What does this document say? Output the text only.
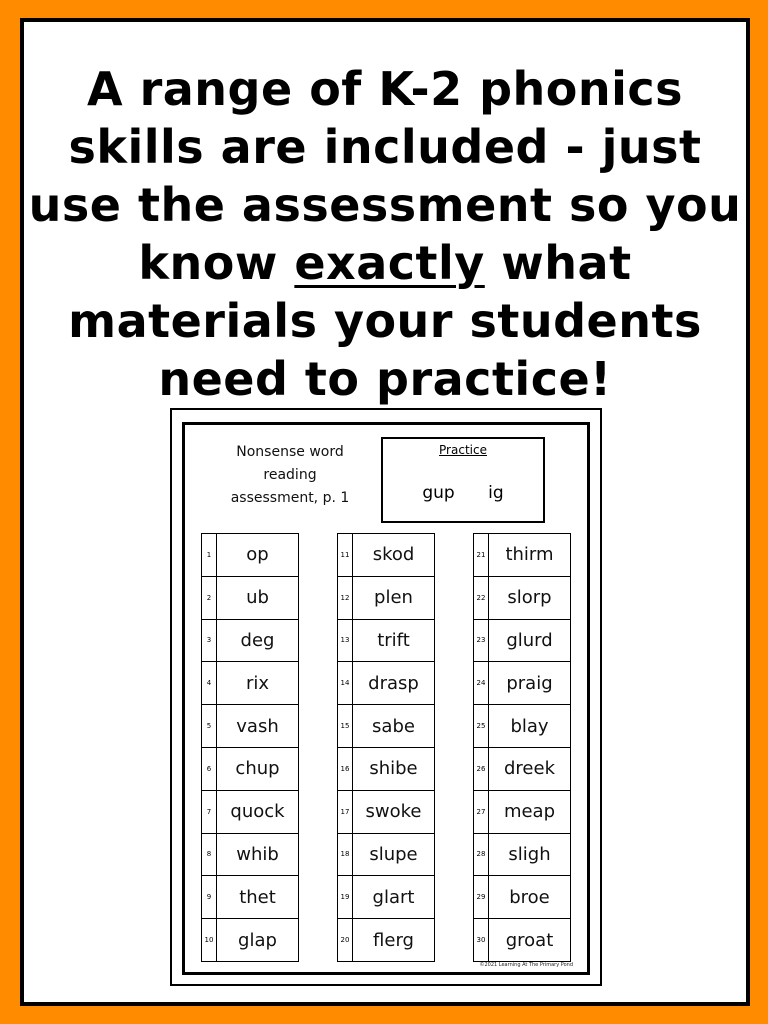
A range of K-2 phonics
skills are included - just
use the assessment so you
know exactly what
materials your students
need to practice!
Nonsense word
reading
assessment, p. 1
Practice
gup ig
1	op
2	ub
3	deg
4	rix
5	vash
6	chup
7	quock
8	whib
9	thet
10	glap
11	skod
12	plen
13	trift
14	drasp
15	sabe
16	shibe
17 swoke
18	slupe
19	glart
20	flerg
21	thirm
22	slorp
23	glurd
24	praig
25	blay
26	dreek
27	meap
28	sligh
29	broe
30	groat
©2021 Learning At The Primary Pond
